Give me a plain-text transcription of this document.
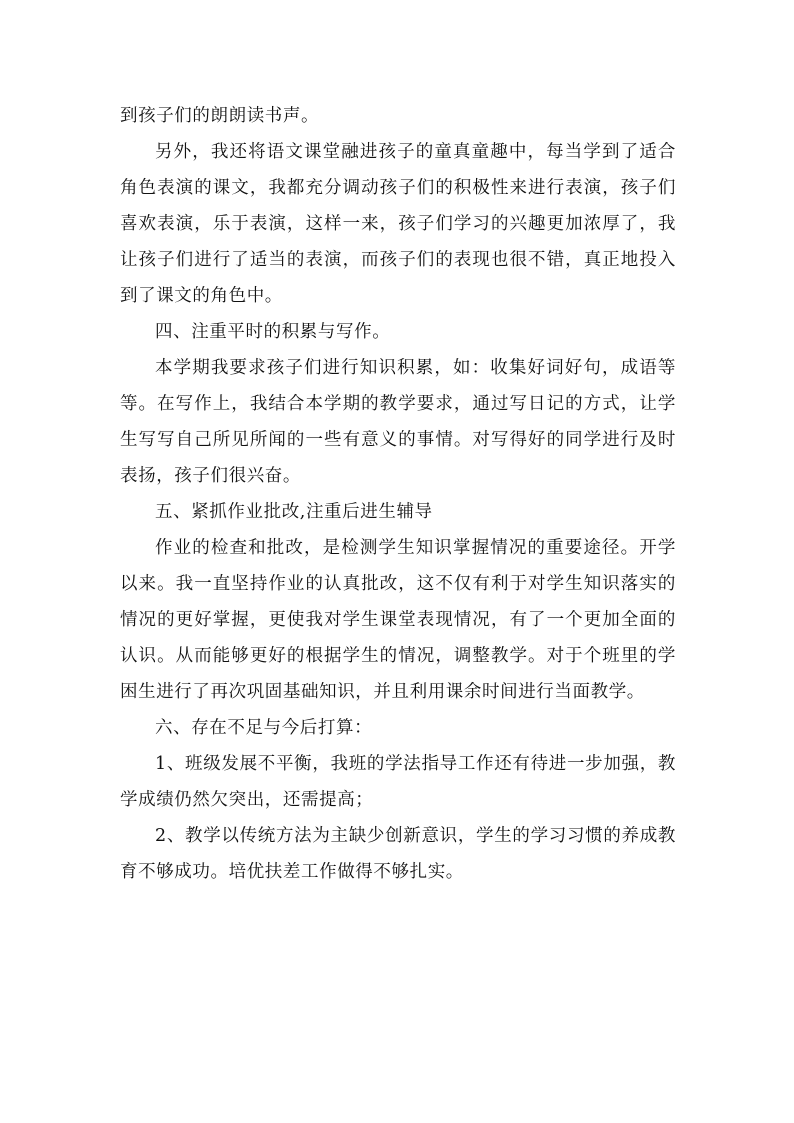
到孩子们的朗朗读书声。

另外，我还将语文课堂融进孩子的童真童趣中，每当学到了适合角色表演的课文，我都充分调动孩子们的积极性来进行表演，孩子们喜欢表演，乐于表演，这样一来，孩子们学习的兴趣更加浓厚了，我让孩子们进行了适当的表演，而孩子们的表现也很不错，真正地投入到了课文的角色中。

四、注重平时的积累与写作。

本学期我要求孩子们进行知识积累，如：收集好词好句，成语等等。在写作上，我结合本学期的教学要求，通过写日记的方式，让学生写写自己所见所闻的一些有意义的事情。对写得好的同学进行及时表扬，孩子们很兴奋。

五、紧抓作业批改,注重后进生辅导

作业的检查和批改，是检测学生知识掌握情况的重要途径。开学以来。我一直坚持作业的认真批改，这不仅有利于对学生知识落实的情况的更好掌握，更使我对学生课堂表现情况，有了一个更加全面的认识。从而能够更好的根据学生的情况，调整教学。对于个班里的学困生进行了再次巩固基础知识，并且利用课余时间进行当面教学。

六、存在不足与今后打算：

1、班级发展不平衡，我班的学法指导工作还有待进一步加强，教学成绩仍然欠突出，还需提高；

2、教学以传统方法为主缺少创新意识，学生的学习习惯的养成教育不够成功。培优扶差工作做得不够扎实。
